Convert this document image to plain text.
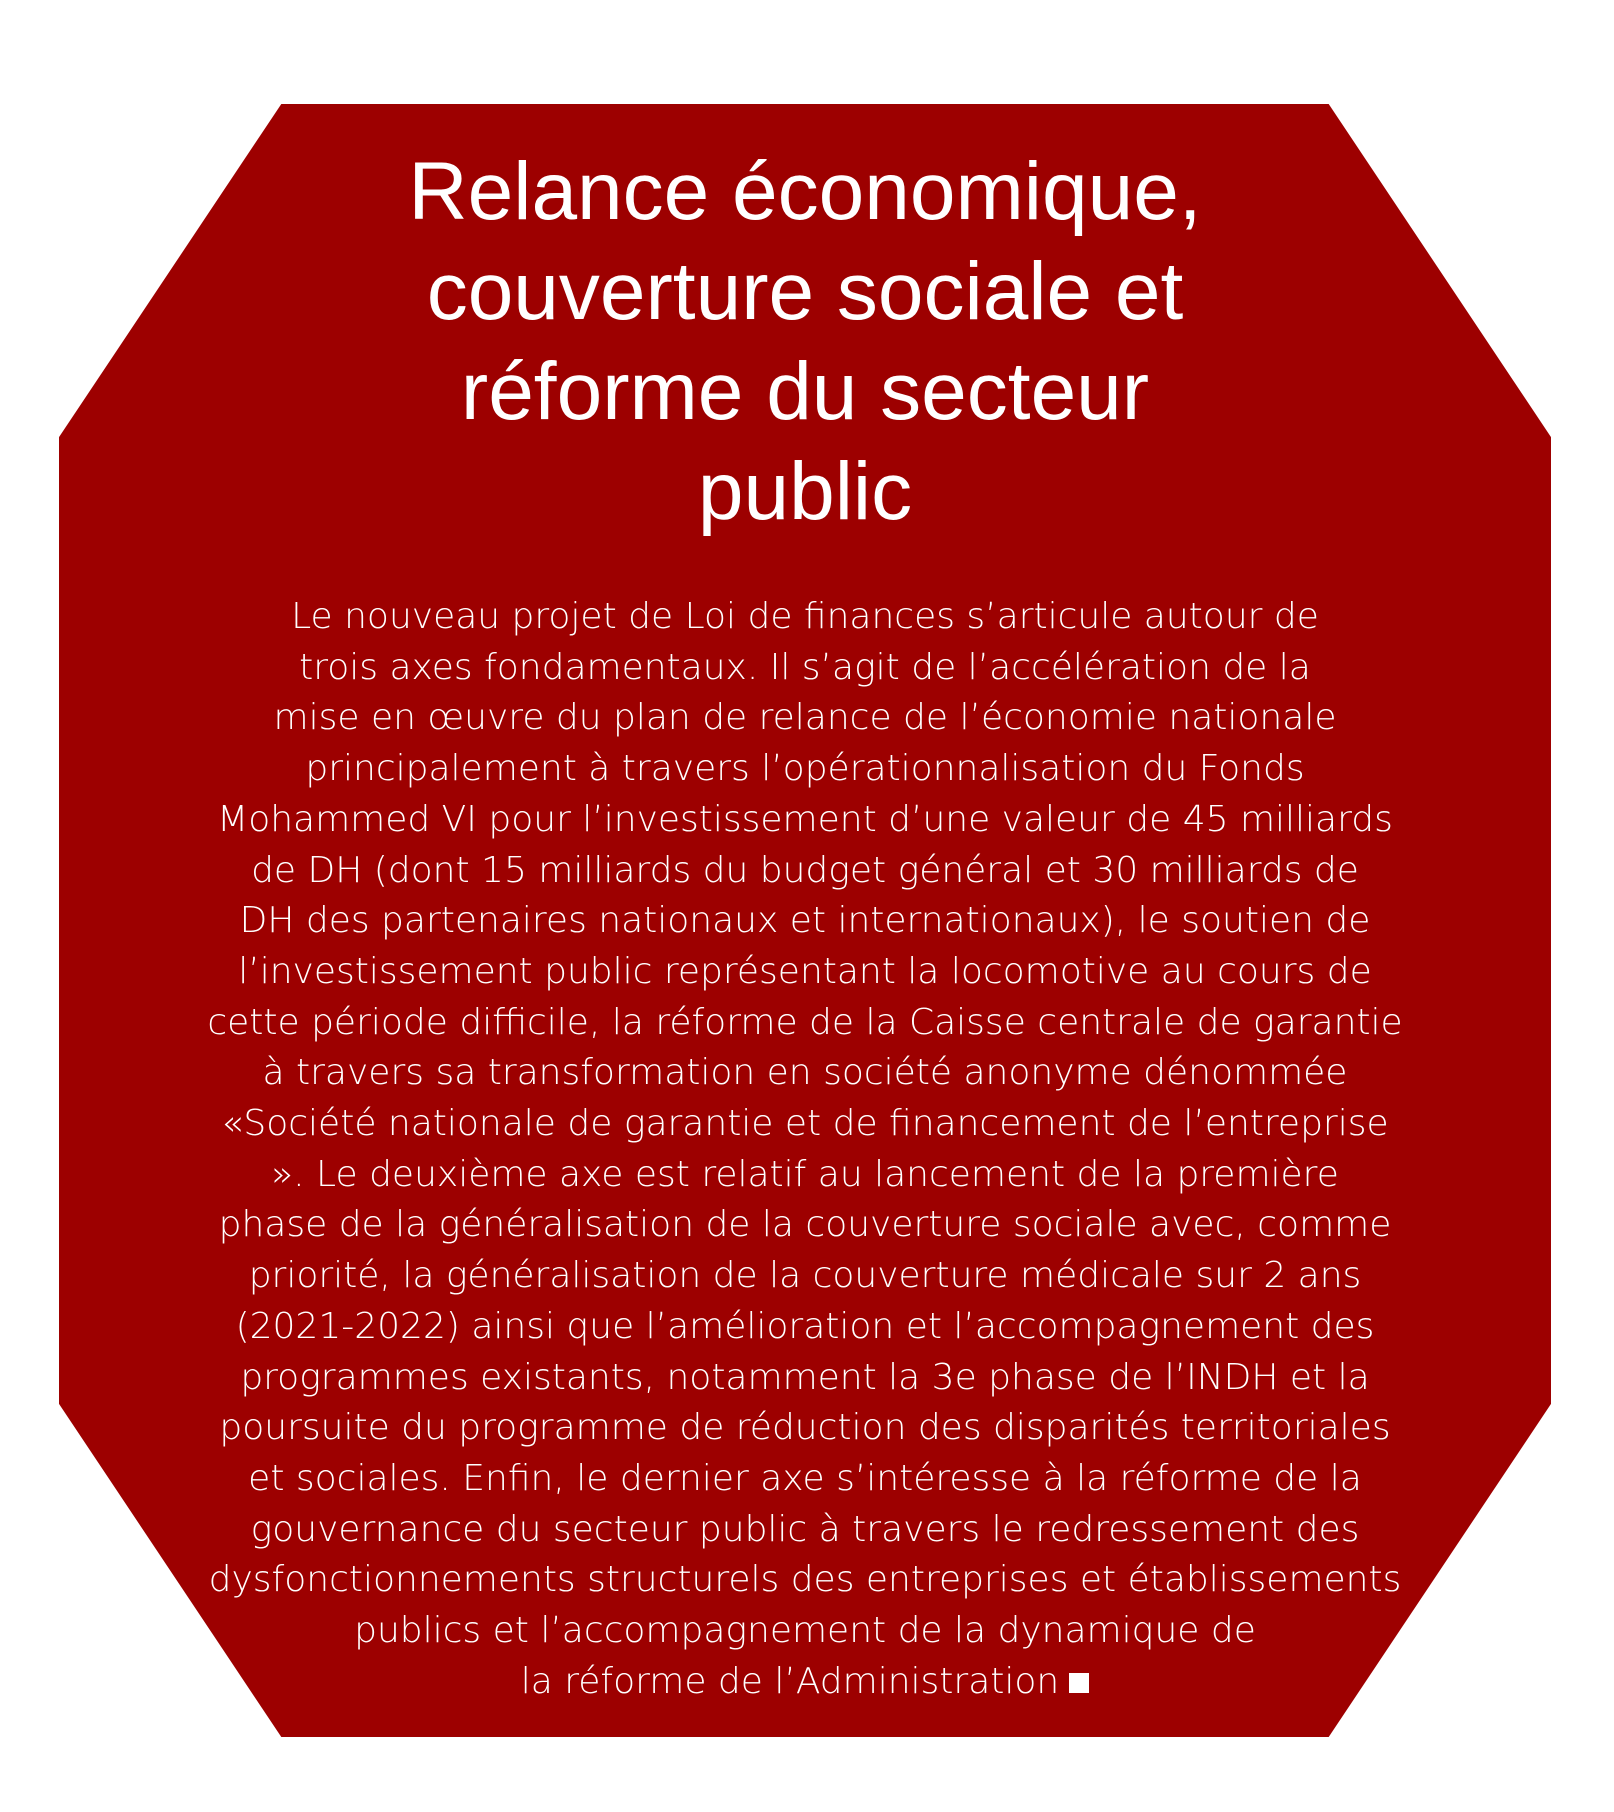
Relance économique,
couverture sociale et
réforme du secteur
public
Le nouveau projet de Loi de finances s’articule autour de
trois axes fondamentaux. Il s’agit de l’accélération de la
mise en œuvre du plan de relance de l’économie nationale
principalement à travers l’opérationnalisation du Fonds
Mohammed VI pour l’investissement d’une valeur de 45 milliards
de DH (dont 15 milliards du budget général et 30 milliards de
DH des partenaires nationaux et internationaux), le soutien de
l’investissement public représentant la locomotive au cours de
cette période difficile, la réforme de la Caisse centrale de garantie
à travers sa transformation en société anonyme dénommée
«Société nationale de garantie et de financement de l’entreprise
». Le deuxième axe est relatif au lancement de la première
phase de la généralisation de la couverture sociale avec, comme
priorité, la généralisation de la couverture médicale sur 2 ans
(2021-2022) ainsi que l’amélioration et l’accompagnement des
programmes existants, notamment la 3e phase de l’INDH et la
poursuite du programme de réduction des disparités territoriales
et sociales. Enfin, le dernier axe s’intéresse à la réforme de la
gouvernance du secteur public à travers le redressement des
dysfonctionnements structurels des entreprises et établissements
publics et l’accompagnement de la dynamique de
la réforme de l’Administration
